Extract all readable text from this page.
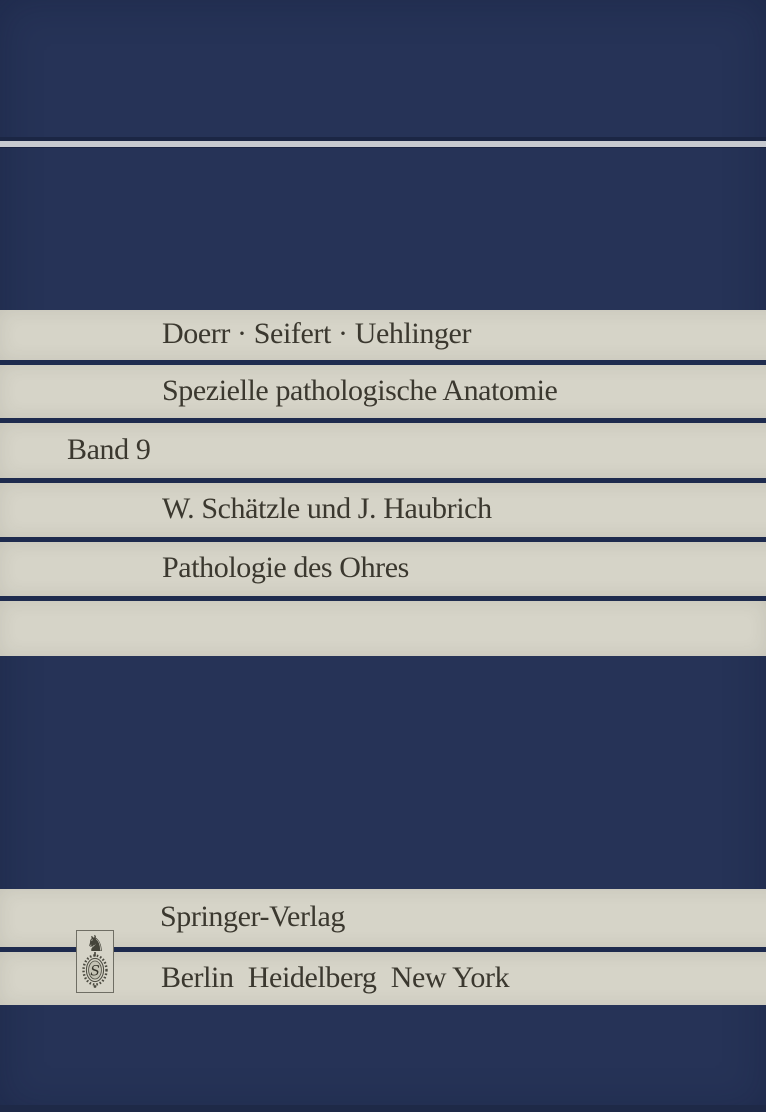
Doerr · Seifert · Uehlinger
Spezielle pathologische Anatomie
Band 9
W. Schätzle und J. Haubrich
Pathologie des Ohres
Springer-Verlag
Berlin  Heidelberg  New York
♞
S
